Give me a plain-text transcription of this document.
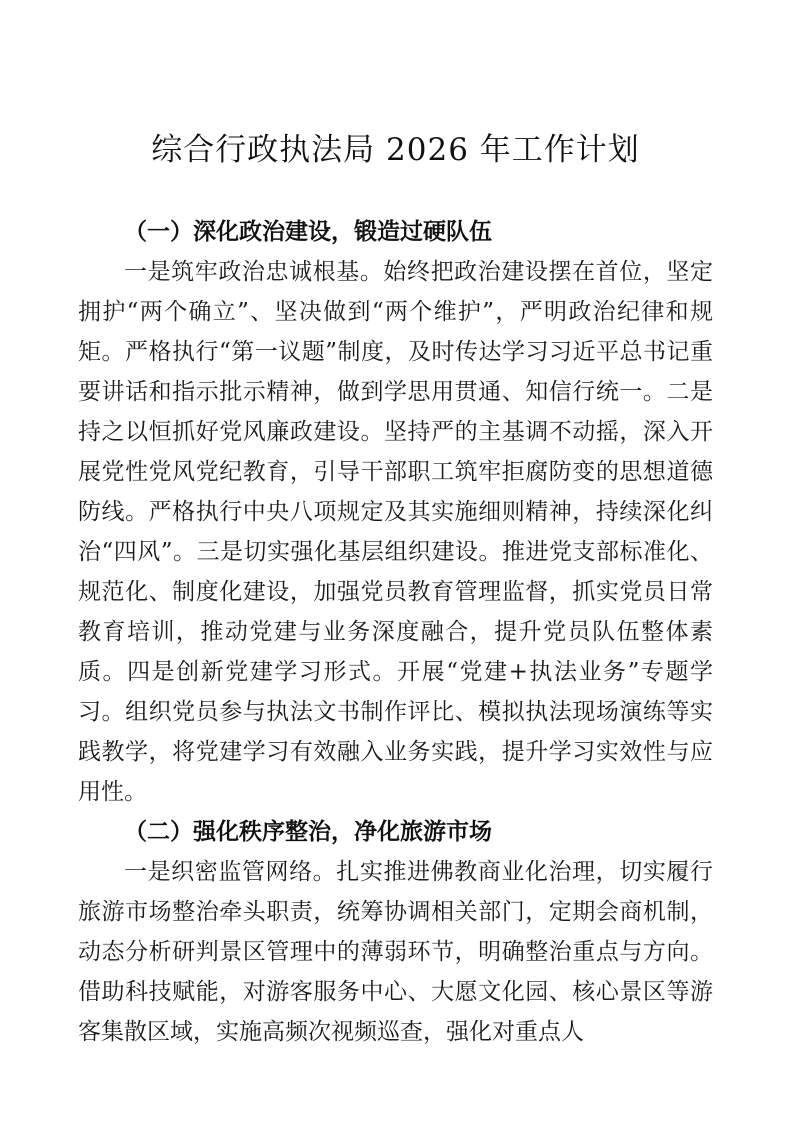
综合行政执法局 2026 年工作计划
（一）深化政治建设，锻造过硬队伍

一是筑牢政治忠诚根基。始终把政治建设摆在首位，坚定拥护“两个确立”、坚决做到“两个维护”，严明政治纪律和规矩。严格执行“第一议题”制度，及时传达学习习近平总书记重要讲话和指示批示精神，做到学思用贯通、知信行统一。二是持之以恒抓好党风廉政建设。坚持严的主基调不动摇，深入开展党性党风党纪教育，引导干部职工筑牢拒腐防变的思想道德防线。严格执行中央八项规定及其实施细则精神，持续深化纠治“四风”。三是切实强化基层组织建设。推进党支部标准化、规范化、制度化建设，加强党员教育管理监督，抓实党员日常教育培训，推动党建与业务深度融合，提升党员队伍整体素质。四是创新党建学习形式。开展“党建+执法业务”专题学习。组织党员参与执法文书制作评比、模拟执法现场演练等实践教学，将党建学习有效融入业务实践，提升学习实效性与应用性。

（二）强化秩序整治，净化旅游市场

一是织密监管网络。扎实推进佛教商业化治理，切实履行旅游市场整治牵头职责，统筹协调相关部门，定期会商机制，动态分析研判景区管理中的薄弱环节，明确整治重点与方向。借助科技赋能，对游客服务中心、大愿文化园、核心景区等游客集散区域，实施高频次视频巡查，强化对重点人
